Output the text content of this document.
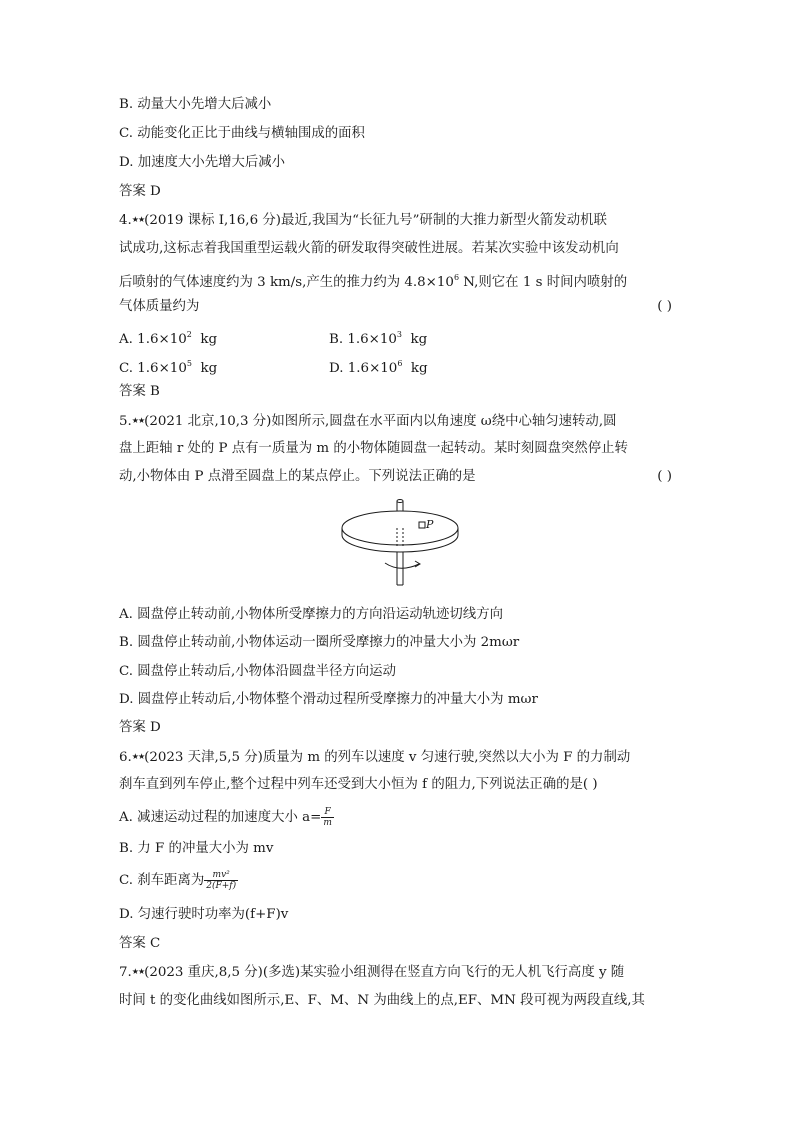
B. 动量大小先增大后减小
C. 动能变化正比于曲线与横轴围成的面积
D. 加速度大小先增大后减小
答案 D
4.★★(2019 课标 I,16,6 分)最近,我国为“长征九号”研制的大推力新型火箭发动机联
试成功,这标志着我国重型运载火箭的研发取得突破性进展。若某次实验中该发动机向
后喷射的气体速度约为 3 km/s,产生的推力约为 $4.8\times 10^6$ N,则它在 1 s 时间内喷射的
气体质量约为	( )
A. $1.6\times 10^2$  kg	B. $1.6\times 10^3$  kg
C. $1.6\times 10^5$  kg	D. $1.6\times 10^6$  kg
答案 B
5.★★(2021 北京,10,3 分)如图所示,圆盘在水平面内以角速度 ω绕中心轴匀速转动,圆
盘上距轴 r 处的 P 点有一质量为 m 的小物体随圆盘一起转动。某时刻圆盘突然停止转
动,小物体由 P 点滑至圆盘上的某点停止。下列说法正确的是	( )
P
A. 圆盘停止转动前,小物体所受摩擦力的方向沿运动轨迹切线方向
B. 圆盘停止转动前,小物体运动一圈所受摩擦力的冲量大小为 2mωr
C. 圆盘停止转动后,小物体沿圆盘半径方向运动
D. 圆盘停止转动后,小物体整个滑动过程所受摩擦力的冲量大小为 mωr
答案 D
6.★★(2023 天津,5,5 分)质量为 m 的列车以速度 v 匀速行驶,突然以大小为 F 的力制动
刹车直到列车停止,整个过程中列车还受到大小恒为 f 的阻力,下列说法正确的是( )
A. 减速运动过程的加速度大小 $a= \frac{F}{m}$
B. 力 F 的冲量大小为 mv
C. 刹车距离为 $\frac{\text{mv²}}{2(F+f)}$
D. 匀速行驶时功率为(f+F)v
答案 C
7.★★(2023 重庆,8,5 分)(多选)某实验小组测得在竖直方向飞行的无人机飞行高度 y 随
时间 t 的变化曲线如图所示,E、F、M、N 为曲线上的点,EF、MN 段可视为两段直线,其
